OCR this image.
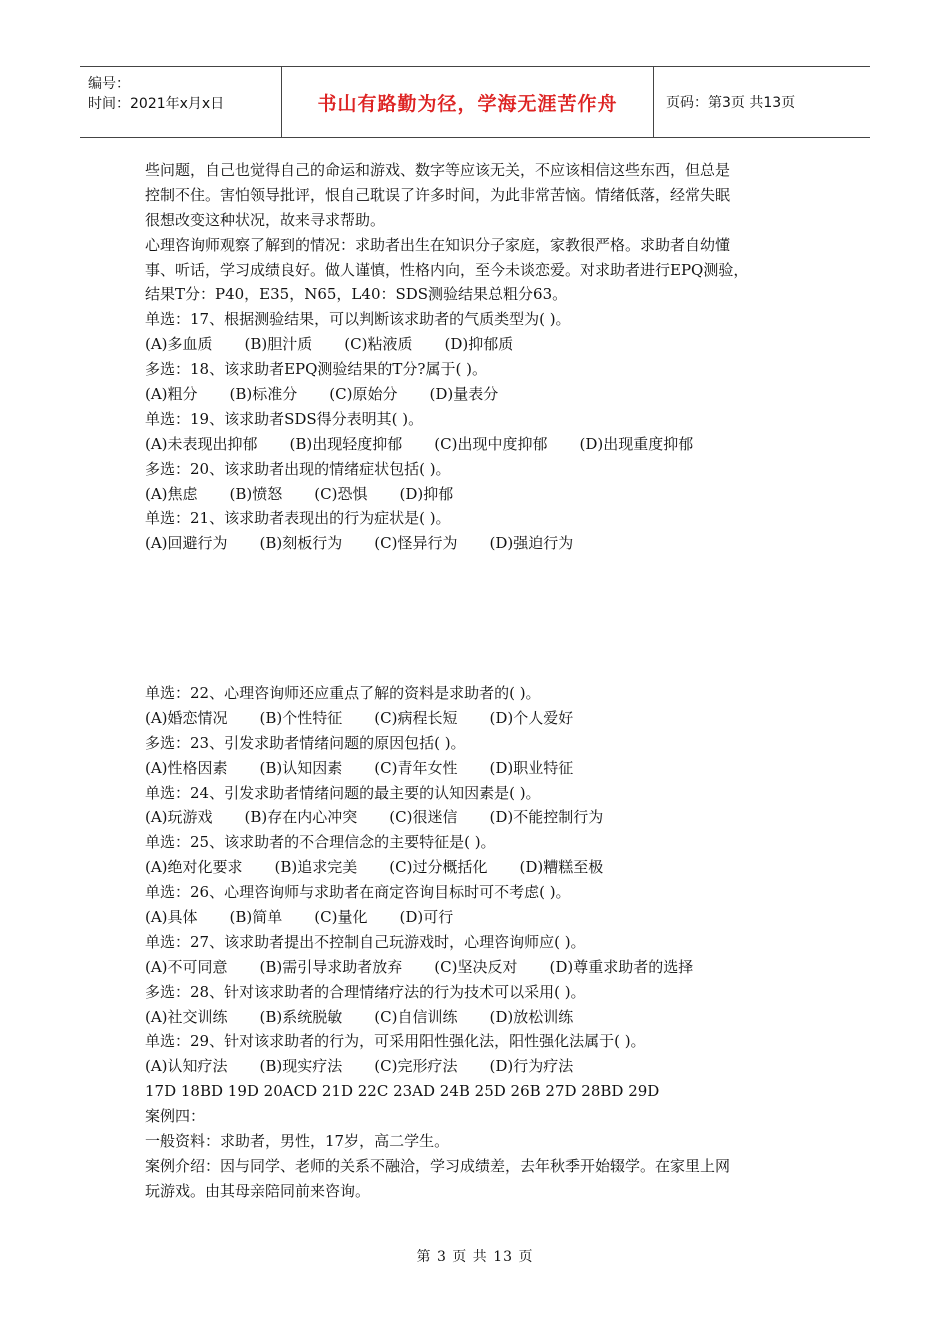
编号：
时间：2021年x月x日	书山有路勤为径，学海无涯苦作舟	页码：第3页 共13页
些问题，自己也觉得自己的命运和游戏、数字等应该无关，不应该相信这些东西，但总是
控制不住。害怕领导批评，恨自己耽误了许多时间，为此非常苦恼。情绪低落，经常失眠
很想改变这种状况，故来寻求帮助。
心理咨询师观察了解到的情况：求助者出生在知识分子家庭，家教很严格。求助者自幼懂
事、听话，学习成绩良好。做人谨慎，性格内向，至今未谈恋爱。对求助者进行EPQ测验，
结果T分：P40，E35，N65，L40：SDS测验结果总粗分63。
单选：17、根据测验结果，可以判断该求助者的气质类型为( )。
(A)多血质 (B)胆汁质 (C)粘液质 (D)抑郁质
多选：18、该求助者EPQ测验结果的T分?属于( )。
(A)粗分 (B)标准分 (C)原始分 (D)量表分
单选：19、该求助者SDS得分表明其( )。
(A)未表现出抑郁 (B)出现轻度抑郁 (C)出现中度抑郁 (D)出现重度抑郁
多选：20、该求助者出现的情绪症状包括( )。
(A)焦虑 (B)愤怒 (C)恐惧 (D)抑郁
单选：21、该求助者表现出的行为症状是( )。
(A)回避行为 (B)刻板行为 (C)怪异行为 (D)强迫行为
单选：22、心理咨询师还应重点了解的资料是求助者的( )。
(A)婚恋情况 (B)个性特征 (C)病程长短 (D)个人爱好
多选：23、引发求助者情绪问题的原因包括( )。
(A)性格因素 (B)认知因素 (C)青年女性 (D)职业特征
单选：24、引发求助者情绪问题的最主要的认知因素是( )。
(A)玩游戏 (B)存在内心冲突 (C)很迷信 (D)不能控制行为
单选：25、该求助者的不合理信念的主要特征是( )。
(A)绝对化要求 (B)追求完美 (C)过分概括化 (D)糟糕至极
单选：26、心理咨询师与求助者在商定咨询目标时可不考虑( )。
(A)具体 (B)简单 (C)量化 (D)可行
单选：27、该求助者提出不控制自己玩游戏时，心理咨询师应( )。
(A)不可同意 (B)需引导求助者放弃 (C)坚决反对 (D)尊重求助者的选择
多选：28、针对该求助者的合理情绪疗法的行为技术可以采用( )。
(A)社交训练 (B)系统脱敏 (C)自信训练 (D)放松训练
单选：29、针对该求助者的行为，可采用阳性强化法，阳性强化法属于( )。
(A)认知疗法 (B)现实疗法 (C)完形疗法 (D)行为疗法
17D 18BD 19D 20ACD 21D 22C 23AD 24B 25D 26B 27D 28BD 29D
案例四：
一般资料：求助者，男性，17岁，高二学生。
案例介绍：因与同学、老师的关系不融洽，学习成绩差，去年秋季开始辍学。在家里上网
玩游戏。由其母亲陪同前来咨询。
第 3 页 共 13 页
